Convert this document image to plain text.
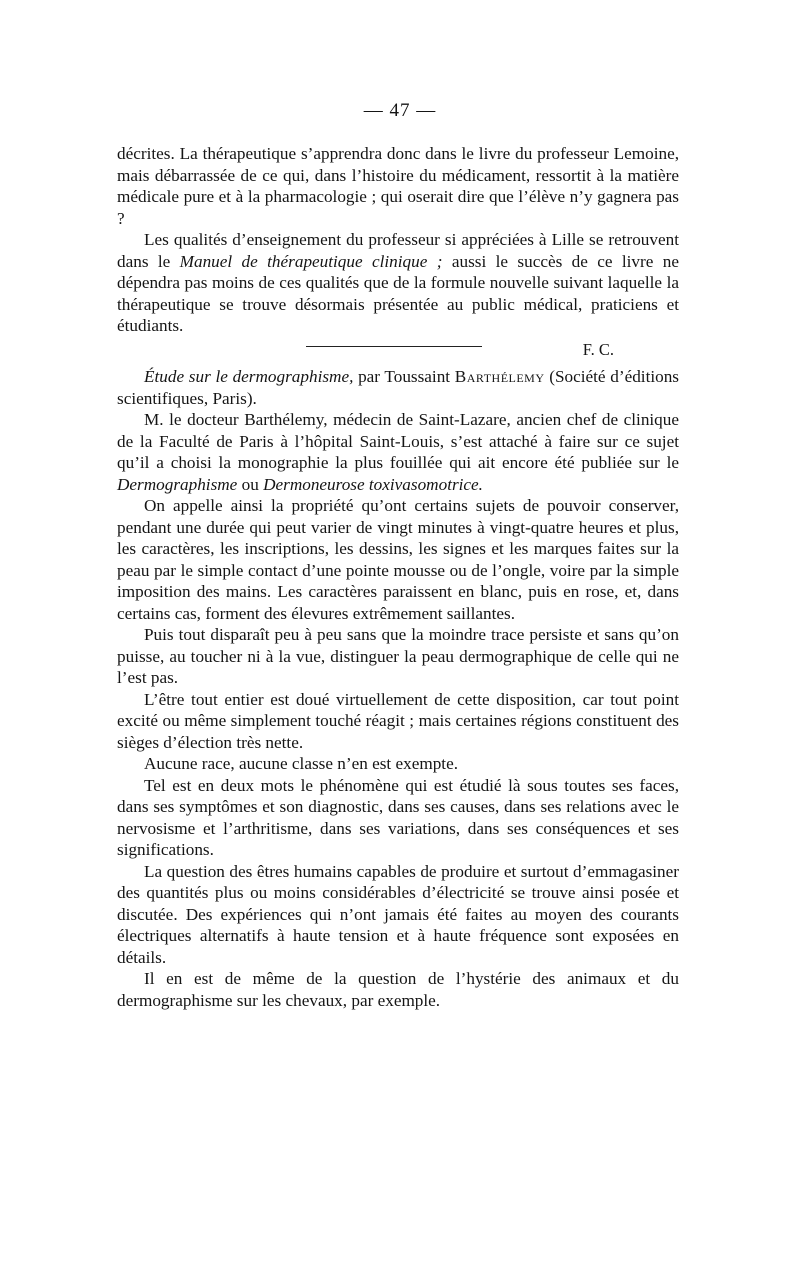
— 47 —

décrites. La thérapeutique s’apprendra donc dans le livre du professeur Lemoine, mais débarrassée de ce qui, dans l’histoire du médicament, ressortit à la matière médicale pure et à la pharmacologie ; qui oserait dire que l’élève n’y gagnera pas ?

Les qualités d’enseignement du professeur si appréciées à Lille se retrouvent dans le Manuel de thérapeutique clinique ; aussi le succès de ce livre ne dépendra pas moins de ces qualités que de la formule nouvelle suivant laquelle la thérapeutique se trouve désormais présentée au public médical, praticiens et étudiants.

F. C.

Étude sur le dermographisme, par Toussaint Barthélemy (Société d’éditions scientifiques, Paris).

M. le docteur Barthélemy, médecin de Saint-Lazare, ancien chef de clinique de la Faculté de Paris à l’hôpital Saint-Louis, s’est attaché à faire sur ce sujet qu’il a choisi la monographie la plus fouillée qui ait encore été publiée sur le Dermographisme ou Dermoneurose toxivasomotrice.

On appelle ainsi la propriété qu’ont certains sujets de pouvoir conserver, pendant une durée qui peut varier de vingt minutes à vingt-quatre heures et plus, les caractères, les inscriptions, les dessins, les signes et les marques faites sur la peau par le simple contact d’une pointe mousse ou de l’ongle, voire par la simple imposition des mains. Les caractères paraissent en blanc, puis en rose, et, dans certains cas, forment des élevures extrêmement saillantes.

Puis tout disparaît peu à peu sans que la moindre trace persiste et sans qu’on puisse, au toucher ni à la vue, distinguer la peau dermographique de celle qui ne l’est pas.

L’être tout entier est doué virtuellement de cette disposition, car tout point excité ou même simplement touché réagit ; mais certaines régions constituent des sièges d’élection très nette.

Aucune race, aucune classe n’en est exempte.

Tel est en deux mots le phénomène qui est étudié là sous toutes ses faces, dans ses symptômes et son diagnostic, dans ses causes, dans ses relations avec le nervosisme et l’arthritisme, dans ses variations, dans ses conséquences et ses significations.

La question des êtres humains capables de produire et surtout d’emmagasiner des quantités plus ou moins considérables d’électricité se trouve ainsi posée et discutée. Des expériences qui n’ont jamais été faites au moyen des courants électriques alternatifs à haute tension et à haute fréquence sont exposées en détails.

Il en est de même de la question de l’hystérie des animaux et du dermographisme sur les chevaux, par exemple.
